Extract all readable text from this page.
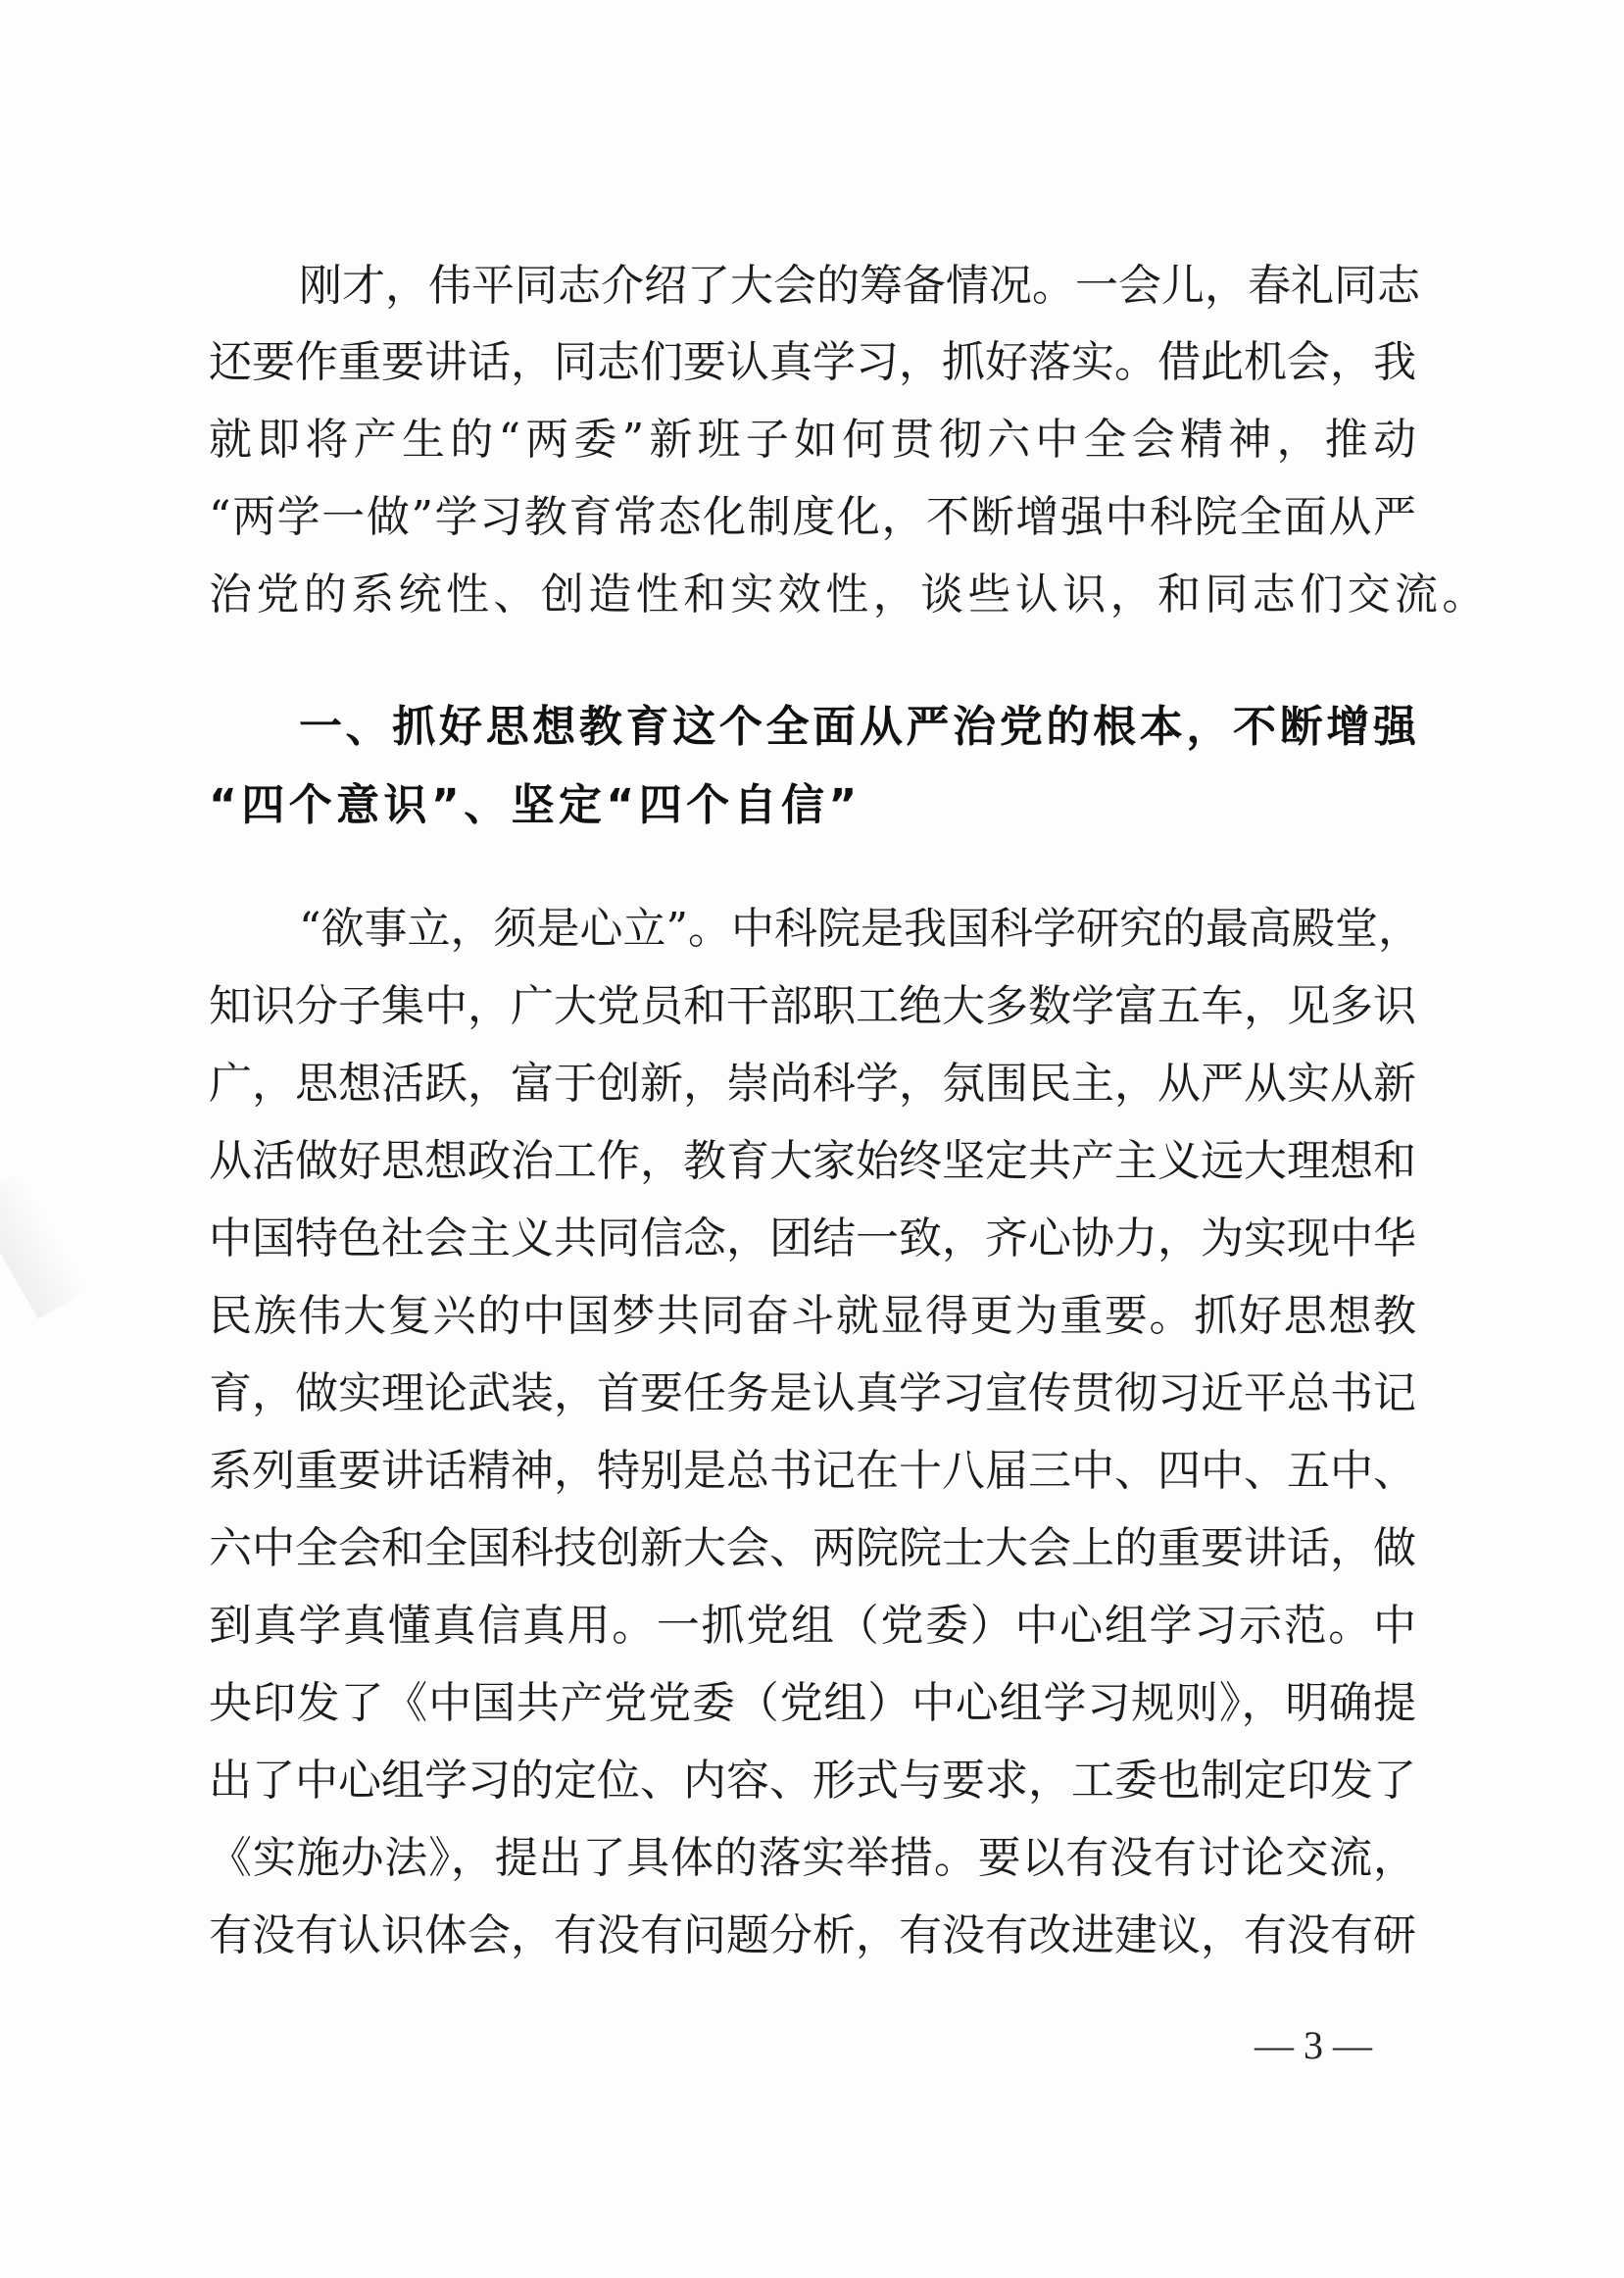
刚才，伟平同志介绍了大会的筹备情况。一会儿，春礼同志
还要作重要讲话，同志们要认真学习，抓好落实。借此机会，我
就即将产生的“两委”新班子如何贯彻六中全会精神，推动
“两学一做”学习教育常态化制度化，不断增强中科院全面从严
治党的系统性、创造性和实效性，谈些认识，和同志们交流。
一、抓好思想教育这个全面从严治党的根本，不断增强
“四个意识”、坚定“四个自信”
“欲事立，须是心立”。中科院是我国科学研究的最高殿堂，
知识分子集中，广大党员和干部职工绝大多数学富五车，见多识
广，思想活跃，富于创新，崇尚科学，氛围民主，从严从实从新
从活做好思想政治工作，教育大家始终坚定共产主义远大理想和
中国特色社会主义共同信念，团结一致，齐心协力，为实现中华
民族伟大复兴的中国梦共同奋斗就显得更为重要。抓好思想教
育，做实理论武装，首要任务是认真学习宣传贯彻习近平总书记
系列重要讲话精神，特别是总书记在十八届三中、四中、五中、
六中全会和全国科技创新大会、两院院士大会上的重要讲话，做
到真学真懂真信真用。一抓党组（党委）中心组学习示范。中
央印发了《中国共产党党委（党组）中心组学习规则》，明确提
出了中心组学习的定位、内容、形式与要求，工委也制定印发了
《实施办法》，提出了具体的落实举措。要以有没有讨论交流，
有没有认识体会，有没有问题分析，有没有改进建议，有没有研
— 3 —
